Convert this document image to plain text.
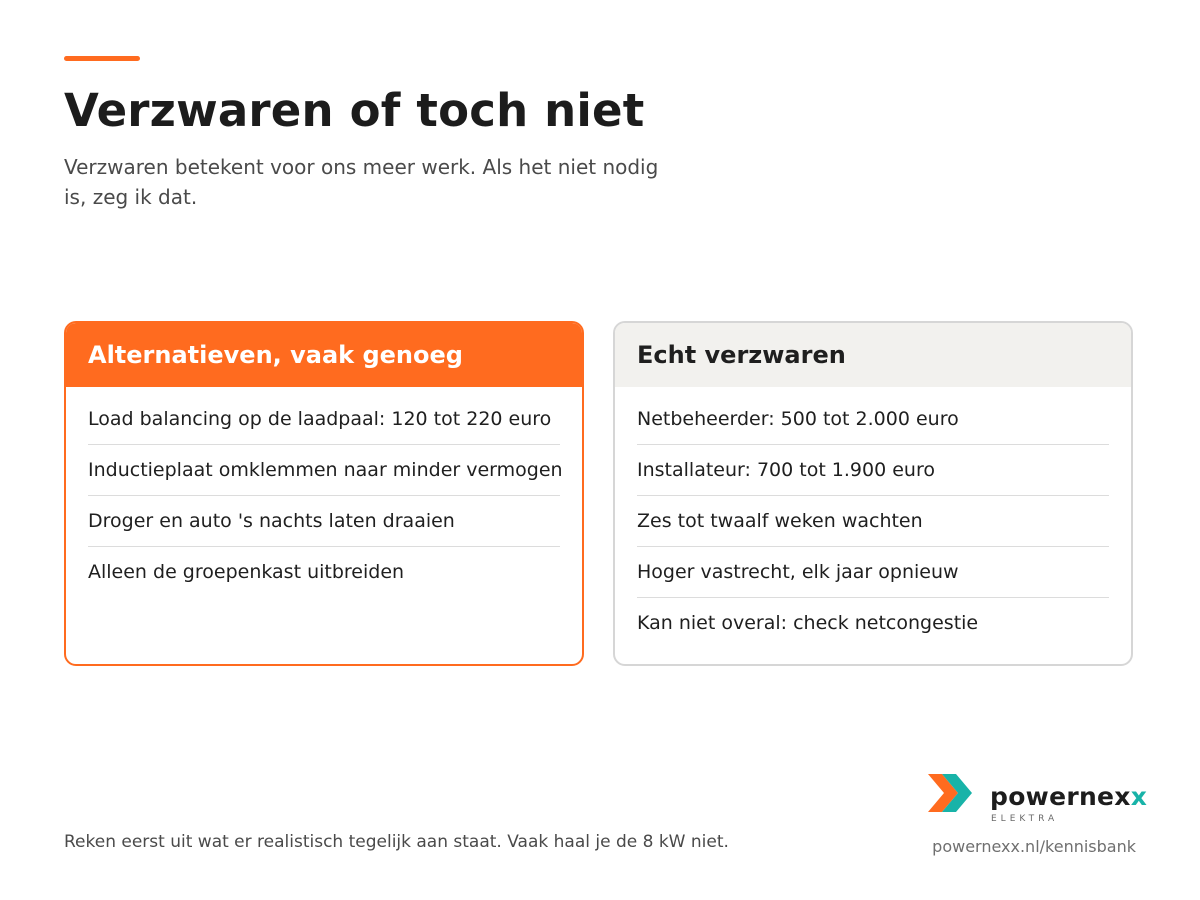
Verzwaren of toch niet

Verzwaren betekent voor ons meer werk. Als het niet nodig is, zeg ik dat.

Alternatieven, vaak genoeg
Load balancing op de laadpaal: 120 tot 220 euro
Inductieplaat omklemmen naar minder vermogen
Droger en auto 's nachts laten draaien
Alleen de groepenkast uitbreiden
Echt verzwaren
Netbeheerder: 500 tot 2.000 euro
Installateur: 700 tot 1.900 euro
Zes tot twaalf weken wachten
Hoger vastrecht, elk jaar opnieuw
Kan niet overal: check netcongestie

Reken eerst uit wat er realistisch tegelijk aan staat. Vaak haal je de 8 kW niet.

powernexx
ELEKTRA

powernexx.nl/kennisbank
